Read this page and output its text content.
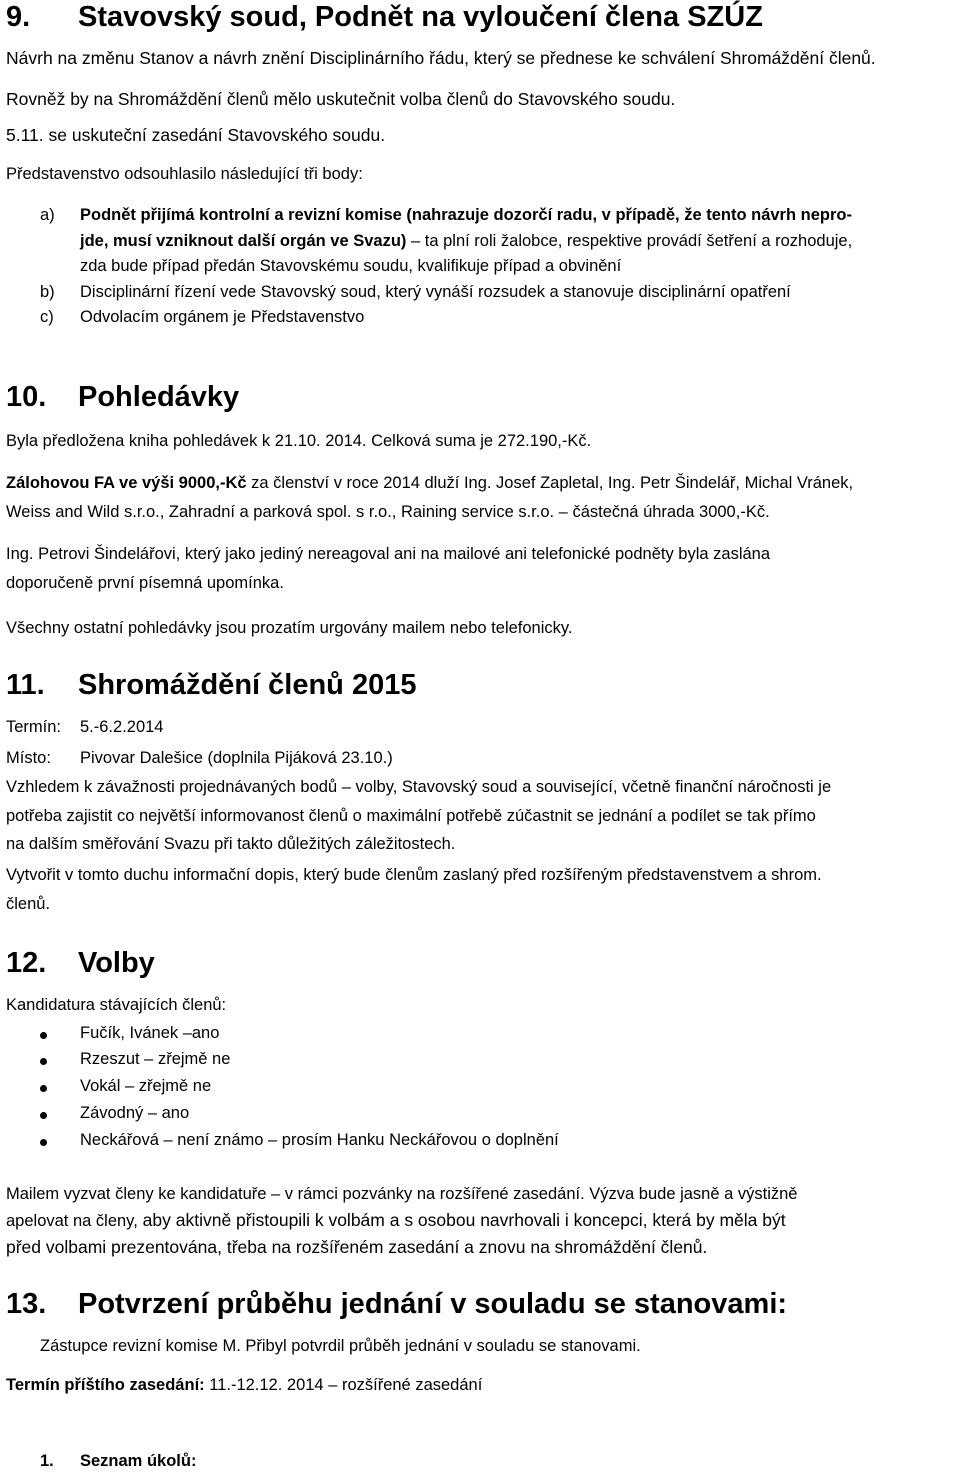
9. Stavovský soud, Podnět na vyloučení člena SZÚZ
Návrh na změnu Stanov a návrh znění Disciplinárního řádu, který se přednese ke schválení Shromáždění členů.
Rovněž by na Shromáždění členů mělo uskutečnit volba členů do Stavovského soudu.
5.11. se uskuteční zasedání Stavovského soudu.
Představenstvo odsouhlasilo následující tři body:
a) Podnět přijímá kontrolní a revizní komise (nahrazuje dozorčí radu, v případě, že tento návrh nepro-
jde, musí vzniknout další orgán ve Svazu) – ta plní roli žalobce, respektive provádí šetření a rozhoduje,
zda bude případ předán Stavovskému soudu, kvalifikuje případ a obvinění
b) Disciplinární řízení vede Stavovský soud, který vynáší rozsudek a stanovuje disciplinární opatření
c) Odvolacím orgánem je Představenstvo
10. Pohledávky
Byla předložena kniha pohledávek k 21.10. 2014. Celková suma je 272.190,-Kč.
Zálohovou FA ve výši 9000,-Kč za členství v roce 2014 dluží Ing. Josef Zapletal, Ing. Petr Šindelář, Michal Vránek,
Weiss and Wild s.r.o., Zahradní a parková spol. s r.o., Raining service s.r.o. – částečná úhrada 3000,-Kč.
Ing. Petrovi Šindelářovi, který jako jediný nereagoval ani na mailové ani telefonické podněty byla zaslána
doporučeně první písemná upomínka.
Všechny ostatní pohledávky jsou prozatím urgovány mailem nebo telefonicky.
11. Shromáždění členů 2015
Termín: 5.-6.2.2014
Místo: Pivovar Dalešice (doplnila Pijáková 23.10.)
Vzhledem k závažnosti projednávaných bodů – volby, Stavovský soud a související, včetně finanční náročnosti je
potřeba zajistit co největší informovanost členů o maximální potřebě zúčastnit se jednání a podílet se tak přímo
na dalším směřování Svazu při takto důležitých záležitostech.
Vytvořit v tomto duchu informační dopis, který bude členům zaslaný před rozšířeným představenstvem a shrom.
členů.
12. Volby
Kandidatura stávajících členů:
Fučík, Ivánek –ano
Rzeszut – zřejmě ne
Vokál – zřejmě ne
Závodný – ano
Neckářová – není známo – prosím Hanku Neckářovou o doplnění
Mailem vyzvat členy ke kandidatuře – v rámci pozvánky na rozšířené zasedání. Výzva bude jasně a výstižně
apelovat na členy, aby aktivně přistoupili k volbám a s osobou navrhovali i koncepci, která by měla být
před volbami prezentována, třeba na rozšířeném zasedání a znovu na shromáždění členů.
13. Potvrzení průběhu jednání v souladu se stanovami:
Zástupce revizní komise M. Přibyl potvrdil průběh jednání v souladu se stanovami.
Termín příštího zasedání: 11.-12.12. 2014 – rozšířené zasedání
1. Seznam úkolů:
